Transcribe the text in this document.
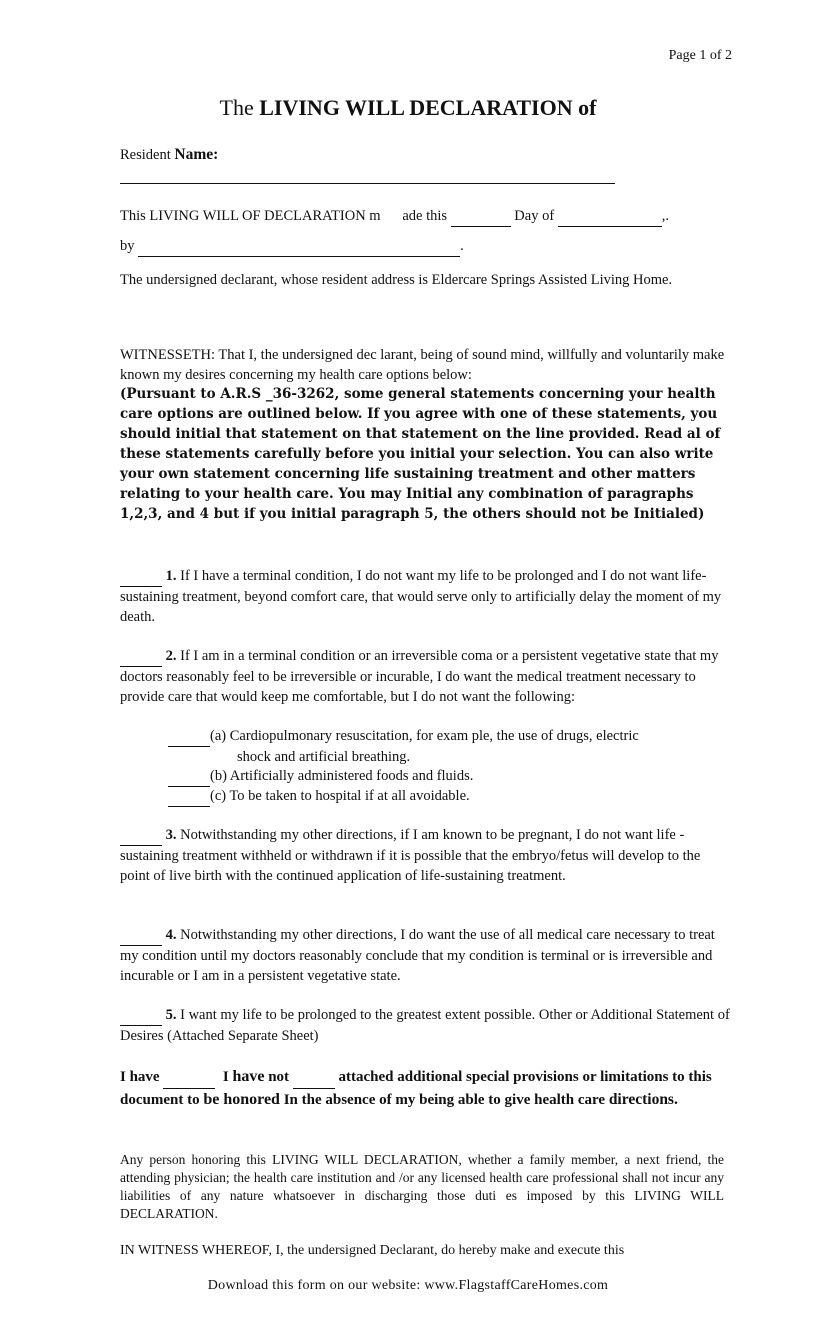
Page 1 of 2
The LIVING WILL DECLARATION of
Resident Name:
This LIVING WILL OF DECLARATION m ade this	Day of	,.
by	.
The undersigned declarant, whose resident address is Eldercare Springs Assisted Living Home.
WITNESSETH: That I, the undersigned dec larant, being of sound mind, willfully and voluntarily make known my desires concerning my health care options below:
(Pursuant to A.R.S _36-3262, some general statements concerning your health care options are outlined below. If you agree with one of these statements, you should initial that statement on that statement on the line provided. Read al of these statements carefully before you initial your selection. You can also write your own statement concerning life sustaining treatment and other matters relating to your health care. You may Initial any combination of paragraphs 1,2,3, and 4 but if you initial paragraph 5, the others should not be Initialed)
1. If I have a terminal condition, I do not want my life to be prolonged and I do not want life- sustaining treatment, beyond comfort care, that would serve only to artificially delay the moment of my death.
2. If I am in a terminal condition or an irreversible coma or a persistent vegetative state that my doctors reasonably feel to be irreversible or incurable, I do want the medical treatment necessary to provide care that would keep me comfortable, but I do not want the following:
(a) Cardiopulmonary resuscitation, for exam ple, the use of drugs, electric
shock and artificial breathing.
(b) Artificially administered foods and fluids.
(c) To be taken to hospital if at all avoidable.
3. Notwithstanding my other directions, if I am known to be pregnant, I do not want life -sustaining treatment withheld or withdrawn if it is possible that the embryo/fetus will develop to the point of live birth with the continued application of life-sustaining treatment.
4. Notwithstanding my other directions, I do want the use of all medical care necessary to treat my condition until my doctors reasonably conclude that my condition is terminal or is irreversible and incurable or I am in a persistent vegetative state.
5. I want my life to be prolonged to the greatest extent possible. Other or Additional Statement of Desires (Attached Separate Sheet)
I have	I have not	attached additional special provisions or limitations to this document to be honored In the absence of my being able to give health care directions.
Any person honoring this LIVING WILL DECLARATION, whether a family member, a next friend, the attending physician; the health care institution and /or any licensed health care professional shall not incur any liabilities of any nature whatsoever in discharging those duti es imposed by this LIVING WILL DECLARATION.
IN WITNESS WHEREOF, I, the undersigned Declarant, do hereby make and execute this
Download this form on our website: www.FlagstaffCareHomes.com
